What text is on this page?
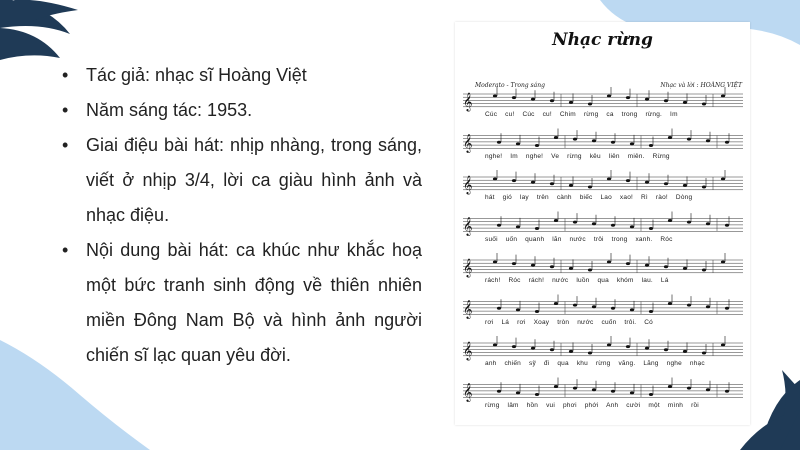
• Tác giả: nhạc sĩ Hoàng Việt
• Năm sáng tác: 1953.
• Giai điệu bài hát: nhịp nhàng, trong sáng, viết ở nhịp 3/4, lời ca giàu hình ảnh và nhạc điệu.
• Nội dung bài hát: ca khúc như khắc hoạ một bức tranh sinh động về thiên nhiên miền Đông Nam Bộ và hình ảnh người chiến sĩ lạc quan yêu đời.
Nhạc rừng
Moderato - Trong sáng	Nhạc và lời : HOÀNG VIỆT
𝄞
𝄞
𝄞
𝄞
𝄞
𝄞
𝄞
𝄞
Cúc cu! Cúc cu! Chim rừng ca trong rừng. Im
nghe! Im nghe! Ve rừng kêu liên miên. Rừng
hát gió lay trên cành biếc Lao xao! Rì rào! Dòng
suối uốn quanh lăn nước trôi trong xanh. Róc
rách! Róc rách! nước luồn qua khóm lau. Lá
rơi Lá rơi Xoay tròn nước cuốn trôi. Có
anh chiến sỹ đi qua khu rừng vắng. Lắng nghe nhạc
rừng lâm hồn vui phơi phới Anh cười một mình rồi
